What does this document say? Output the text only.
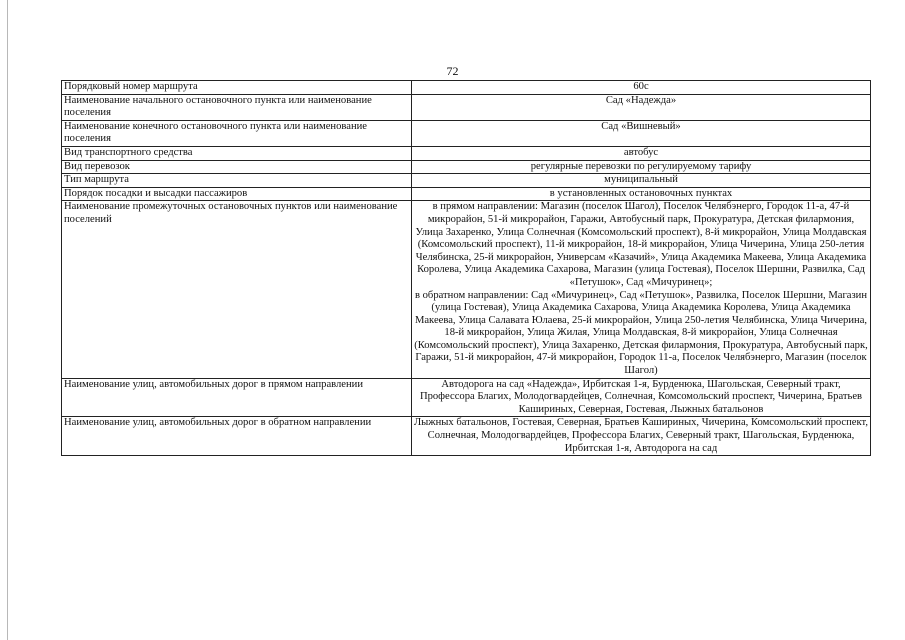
72
Порядковый номер маршрута	60с
Наименование начального остановочного пункта или наименование поселения	Сад «Надежда»
Наименование конечного остановочного пункта или наименование поселения	Сад «Вишневый»
Вид транспортного средства	автобус
Вид перевозок	регулярные перевозки по регулируемому тарифу
Тип маршрута	муниципальный
Порядок посадки и высадки пассажиров	в установленных остановочных пунктах
Наименование промежуточных остановочных пунктов или наименование поселений	в прямом направлении: Магазин (поселок Шагол), Поселок Челябэнерго, Городок 11-а, 47-й микрорайон, 51-й микрорайон, Гаражи, Автобусный парк, Прокуратура, Детская филармония, Улица Захаренко, Улица Солнечная (Комсомольский проспект), 8-й микрорайон, Улица Молдавская (Комсомольский проспект), 11-й микрорайон, 18-й микрорайон, Улица Чичерина, Улица 250-летия Челябинска, 25-й микрорайон, Универсам «Казачий», Улица Академика Макеева, Улица Академика Королева, Улица Академика Сахарова, Магазин (улица Гостевая), Поселок Шершни, Развилка, Сад «Петушок», Сад «Мичуринец»;
в обратном направлении: Сад «Мичуринец», Сад «Петушок», Развилка, Поселок Шершни, Магазин (улица Гостевая), Улица Академика Сахарова, Улица Академика Королева, Улица Академика Макеева, Улица Салавата Юлаева, 25-й микрорайон, Улица 250-летия Челябинска, Улица Чичерина, 18-й микрорайон, Улица Жилая, Улица Молдавская, 8-й микрорайон, Улица Солнечная (Комсомольский проспект), Улица Захаренко, Детская филармония, Прокуратура, Автобусный парк, Гаражи, 51-й микрорайон, 47-й микрорайон, Городок 11-а, Поселок Челябэнерго, Магазин (поселок Шагол)

Наименование улиц, автомобильных дорог в прямом направлении	Автодорога на сад «Надежда», Ирбитская 1-я, Бурденюка, Шагольская, Северный тракт, Профессора Благих, Молодогвардейцев, Солнечная, Комсомольский проспект, Чичерина, Братьев Кашириных, Северная, Гостевая, Лыжных батальонов
Наименование улиц, автомобильных дорог в обратном направлении	Лыжных батальонов, Гостевая, Северная, Братьев Кашириных, Чичерина, Комсомольский проспект, Солнечная, Молодогвардейцев, Профессора Благих, Северный тракт, Шагольская, Бурденюка, Ирбитская 1-я, Автодорога на сад
